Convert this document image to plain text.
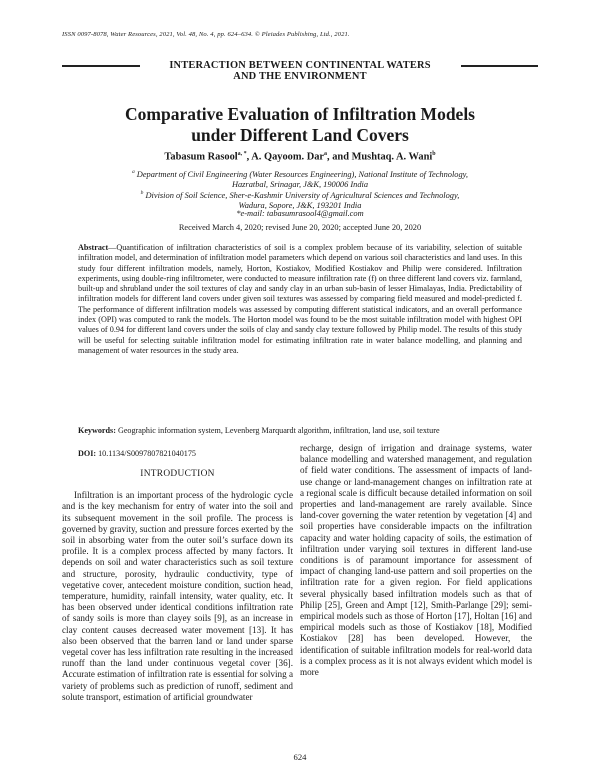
ISSN 0097-8078, Water Resources, 2021, Vol. 48, No. 4, pp. 624–634. © Pleiades Publishing, Ltd., 2021.
INTERACTION BETWEEN CONTINENTAL WATERS
AND THE ENVIRONMENT
Comparative Evaluation of Infiltration Models
under Different Land Covers
Tabasum Rasool$^{a, *}$, A. Qayoom. Dar$^a$, and Mushtaq. A. Wani$^b$
$^a$ Department of Civil Engineering (Water Resources Engineering), National Institute of Technology,
Hazratbal, Srinagar, J&K, 190006 India
$^b$ Division of Soil Science, Sher-e-Kashmir University of Agricultural Sciences and Technology,
Wadura, Sopore, J&K, 193201 India
*e-mail: tabasumrasool4@gmail.com
Received March 4, 2020; revised June 20, 2020; accepted June 20, 2020
Abstract—Quantification of infiltration characteristics of soil is a complex problem because of its variability, selection of suitable infiltration model, and determination of infiltration model parameters which depend on various soil characteristics and land uses. In this study four different infiltration models, namely, Horton, Kostiakov, Modified Kostiakov and Philip were considered. Infiltration experiments, using double-ring infiltrometer, were conducted to measure infiltration rate (f) on three different land covers viz. farmland, built-up and shrubland under the soil textures of clay and sandy clay in an urban sub-basin of lesser Himalayas, India. Predictability of infiltration models for different land covers under given soil textures was assessed by comparing field measured and model-predicted f. The performance of different infiltration models was assessed by computing different statistical indicators, and an overall performance index (OPI) was computed to rank the models. The Horton model was found to be the most suitable infiltration model with highest OPI values of 0.94 for different land covers under the soils of clay and sandy clay texture followed by Philip model. The results of this study will be useful for selecting suitable infiltration model for estimating infiltration rate in water balance modelling, and planning and management of water resources in the study area.
Keywords: Geographic information system, Levenberg Marquardt algorithm, infiltration, land use, soil texture
DOI: 10.1134/S0097807821040175
INTRODUCTION

Infiltration is an important process of the hydrologic cycle and is the key mechanism for entry of water into the soil and its subsequent movement in the soil profile. The process is governed by gravity, suction and pressure forces exerted by the soil in absorbing water from the outer soil’s surface down its profile. It is a complex process affected by many factors. It depends on soil and water characteristics such as soil texture and structure, porosity, hydraulic conductivity, type of vegetative cover, antecedent moisture condition, suction head, temperature, humidity, rainfall intensity, water quality, etc. It has been observed under identical conditions infiltration rate of sandy soils is more than clayey soils [9], as an increase in clay content causes decreased water movement [13]. It has also been observed that the barren land or land under sparse vegetal cover has less infiltration rate resulting in the increased runoff than the land under continuous vegetal cover [36]. Accurate estimation of infiltration rate is essential for solving a variety of problems such as prediction of runoff, sediment and solute transport, estimation of artificial groundwater

recharge, design of irrigation and drainage systems, water balance modelling and watershed management, and regulation of field water conditions. The assessment of impacts of land-use change or land-management changes on infiltration rate at a regional scale is difficult because detailed information on soil properties and land-management are rarely available. Since land-cover governing the water retention by vegetation [4] and soil properties have considerable impacts on the infiltration capacity and water holding capacity of soils, the estimation of infiltration under varying soil textures in different land-use conditions is of paramount importance for assessment of impact of changing land-use pattern and soil properties on the infiltration rate for a given region. For field applications several physically based infiltration models such as that of Philip [25], Green and Ampt [12], Smith-Parlange [29]; semi-empirical models such as those of Horton [17], Holtan [16] and empirical models such as those of Kostiakov [18], Modified Kostiakov [28] has been developed. However, the identification of suitable infiltration models for real-world data is a complex process as it is not always evident which model is more

624
